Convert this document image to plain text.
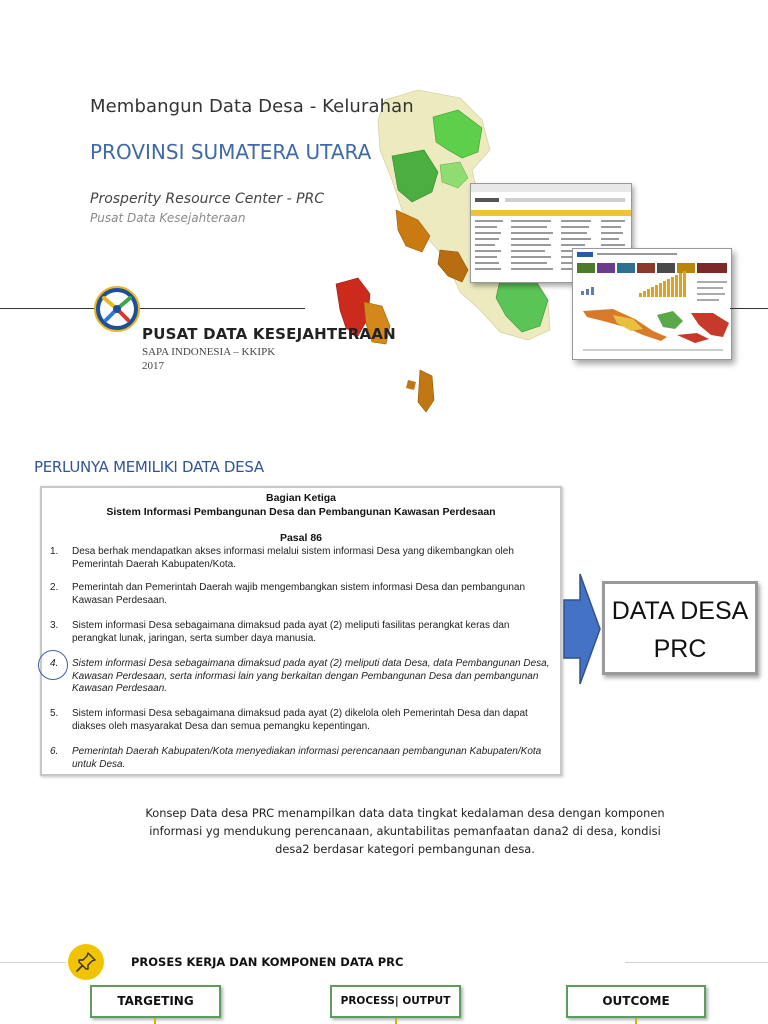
Membangun Data Desa - Kelurahan
PROVINSI SUMATERA UTARA
Prosperity Resource Center - PRC
Pusat Data Kesejahteraan
PUSAT DATA KESEJAHTERAAN
SAPA INDONESIA – KKIPK
2017
PERLUNYA MEMILIKI DATA DESA
Bagian Ketiga
Sistem Informasi Pembangunan Desa dan Pembangunan Kawasan Perdesaan
Pasal 86
1. Desa berhak mendapatkan akses informasi melalui sistem informasi Desa yang dikembangkan oleh Pemerintah Daerah Kabupaten/Kota.
2. Pemerintah dan Pemerintah Daerah wajib mengembangkan sistem informasi Desa dan pembangunan Kawasan Perdesaan.
3. Sistem informasi Desa sebagaimana dimaksud pada ayat (2) meliputi fasilitas perangkat keras dan perangkat lunak, jaringan, serta sumber daya manusia.
4. Sistem informasi Desa sebagaimana dimaksud pada ayat (2) meliputi data Desa, data Pembangunan Desa, Kawasan Perdesaan, serta informasi lain yang berkaitan dengan Pembangunan Desa dan pembangunan Kawasan Perdesaan.
5. Sistem informasi Desa sebagaimana dimaksud pada ayat (2) dikelola oleh Pemerintah Desa dan dapat diakses oleh masyarakat Desa dan semua pemangku kepentingan.
6. Pemerintah Daerah Kabupaten/Kota menyediakan informasi perencanaan pembangunan Kabupaten/Kota untuk Desa.
DATA DESA
PRC
Konsep Data desa PRC menampilkan data data tingkat kedalaman desa dengan komponen informasi yg mendukung perencanaan, akuntabilitas pemanfaatan dana2 di desa, kondisi desa2 berdasar kategori pembangunan desa.
PROSES KERJA DAN KOMPONEN DATA PRC
TARGETING	PROCESS| OUTPUT	OUTCOME
